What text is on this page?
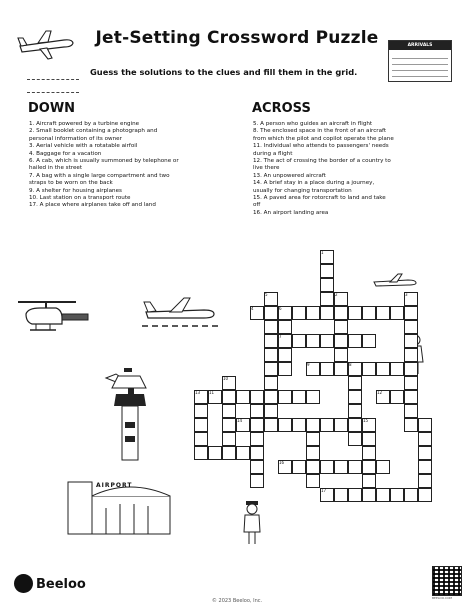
Jet-Setting Crossword Puzzle
Guess the solutions to the clues and fill them in the grid.
ARRIVALS
DOWN
1. Aircraft powered by a turbine engine
2. Small booklet containing a photograph and
personal information of its owner
3. Aerial vehicle with a rotatable airfoil
4. Baggage for a vacation
6. A cab, which is usually summoned by telephone or
hailed in the street
7. A bag with a single large compartment and two
straps to be worn on the back
9. A shelter for housing airplanes
10. Last station on a transport route
17. A place where airplanes take off and land
ACROSS
5. A person who guides an aircraft in flight
8. The enclosed space in the front of an aircraft
from which the pilot and copilot operate the plane
11. Individual who attends to passengers' needs
during a flight
12. The act of crossing the border of a country to
live there
13. An unpowered aircraft
14. A brief stay in a place during a journey,
usually for changing transportation
15. A paved area for rotorcraft to land and take
off
16. An airport landing area
AIRPORT
1
2	3
4
5
6
7
8
9
10
11	12
13
14	15
16
17
Beeloo
© 2023 Beeloo, Inc.	BEELOO.COM
